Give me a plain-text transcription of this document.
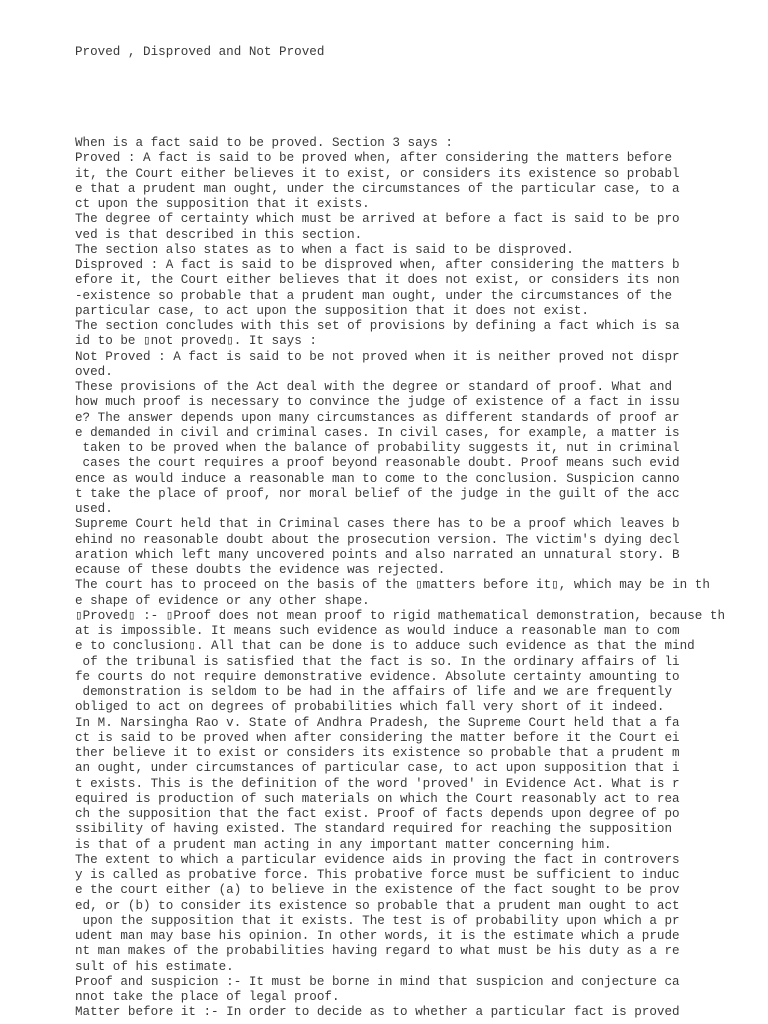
Proved , Disproved and Not Proved

When is a fact said to be proved. Section 3 says :
Proved : A fact is said to be proved when, after considering the matters before
it, the Court either believes it to exist, or considers its existence so probabl
e that a prudent man ought, under the circumstances of the particular case, to a
ct upon the supposition that it exists.
The degree of certainty which must be arrived at before a fact is said to be pro
ved is that described in this section.
The section also states as to when a fact is said to be disproved.
Disproved : A fact is said to be disproved when, after considering the matters b
efore it, the Court either believes that it does not exist, or considers its non
-existence so probable that a prudent man ought, under the circumstances of the
particular case, to act upon the supposition that it does not exist.
The section concludes with this set of provisions by defining a fact which is sa
id to be ▯not proved▯. It says :
Not Proved : A fact is said to be not proved when it is neither proved not dispr
oved.
These provisions of the Act deal with the degree or standard of proof. What and
how much proof is necessary to convince the judge of existence of a fact in issu
e? The answer depends upon many circumstances as different standards of proof ar
e demanded in civil and criminal cases. In civil cases, for example, a matter is
taken to be proved when the balance of probability suggests it, nut in criminal
cases the court requires a proof beyond reasonable doubt. Proof means such evid
ence as would induce a reasonable man to come to the conclusion. Suspicion canno
t take the place of proof, nor moral belief of the judge in the guilt of the acc
used.
Supreme Court held that in Criminal cases there has to be a proof which leaves b
ehind no reasonable doubt about the prosecution version. The victim's dying decl
aration which left many uncovered points and also narrated an unnatural story. B
ecause of these doubts the evidence was rejected.
The court has to proceed on the basis of the ▯matters before it▯, which may be in th
e shape of evidence or any other shape.
▯Proved▯ :- ▯Proof does not mean proof to rigid mathematical demonstration, because th
at is impossible. It means such evidence as would induce a reasonable man to com
e to conclusion▯. All that can be done is to adduce such evidence as that the mind
of the tribunal is satisfied that the fact is so. In the ordinary affairs of li
fe courts do not require demonstrative evidence. Absolute certainty amounting to
demonstration is seldom to be had in the affairs of life and we are frequently
obliged to act on degrees of probabilities which fall very short of it indeed.
In M. Narsingha Rao v. State of Andhra Pradesh, the Supreme Court held that a fa
ct is said to be proved when after considering the matter before it the Court ei
ther believe it to exist or considers its existence so probable that a prudent m
an ought, under circumstances of particular case, to act upon supposition that i
t exists. This is the definition of the word 'proved' in Evidence Act. What is r
equired is production of such materials on which the Court reasonably act to rea
ch the supposition that the fact exist. Proof of facts depends upon degree of po
ssibility of having existed. The standard required for reaching the supposition
is that of a prudent man acting in any important matter concerning him.
The extent to which a particular evidence aids in proving the fact in controvers
y is called as probative force. This probative force must be sufficient to induc
e the court either (a) to believe in the existence of the fact sought to be prov
ed, or (b) to consider its existence so probable that a prudent man ought to act
upon the supposition that it exists. The test is of probability upon which a pr
udent man may base his opinion. In other words, it is the estimate which a prude
nt man makes of the probabilities having regard to what must be his duty as a re
sult of his estimate.
Proof and suspicion :- It must be borne in mind that suspicion and conjecture ca
nnot take the place of legal proof.
Matter before it :- In order to decide as to whether a particular fact is proved
